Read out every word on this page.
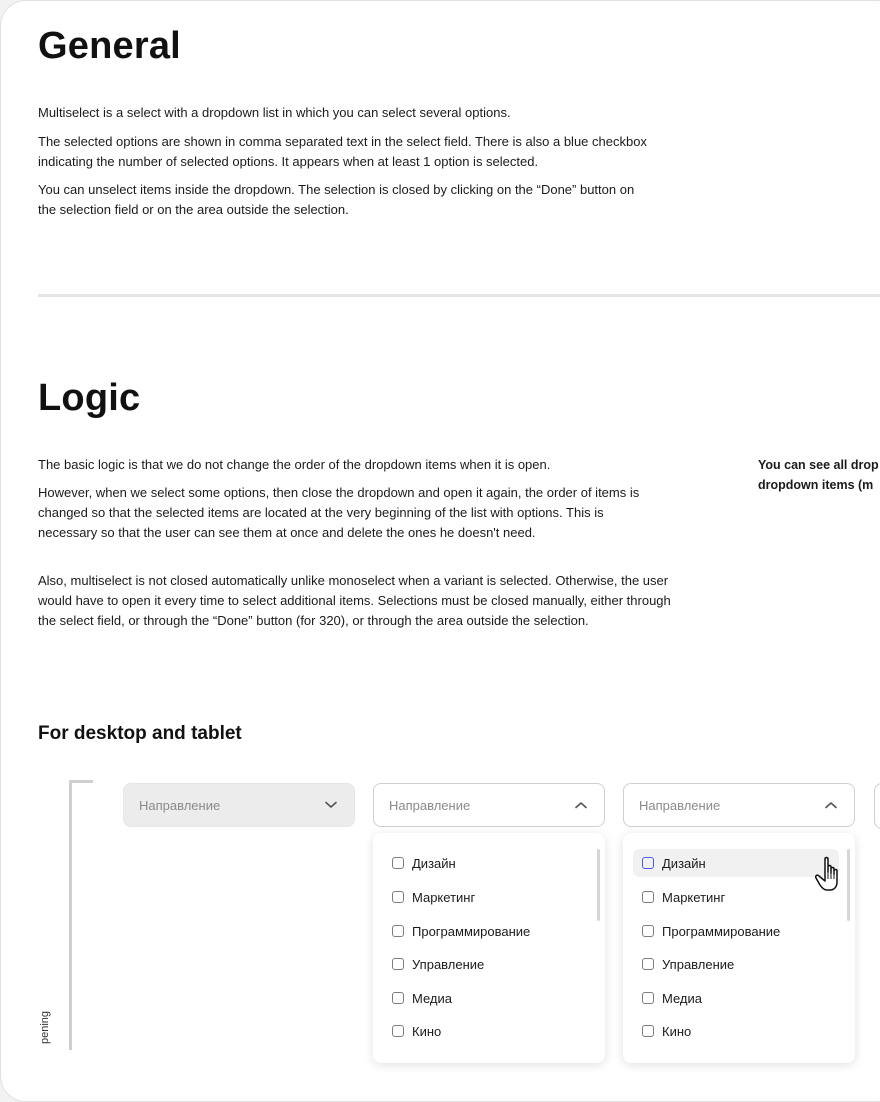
General

Multiselect is a select with a dropdown list in which you can select several options.

The selected options are shown in comma separated text in the select field. There is also a blue checkbox indicating the number of selected options. It appears when at least 1 option is selected.

You can unselect items inside the dropdown. The selection is closed by clicking on the “Done” button on the selection field or on the area outside the selection.

Logic

The basic logic is that we do not change the order of the dropdown items when it is open.

However, when we select some options, then close the dropdown and open it again, the order of items is changed so that the selected items are located at the very beginning of the list with options. This is necessary so that the user can see them at once and delete the ones he doesn't need.

Also, multiselect is not closed automatically unlike monoselect when a variant is selected. Otherwise, the user would have to open it every time to select additional items. Selections must be closed manually, either through the select field, or through the “Done” button (for 320), or through the area outside the selection.

You can see all drop
dropdown items (m
For desktop and tablet
pening
Направление	Направление
Дизайн
Маркетинг
Программирование
Управление
Медиа
Кино
Направление
Дизайн
Маркетинг
Программирование
Управление
Медиа
Кино
